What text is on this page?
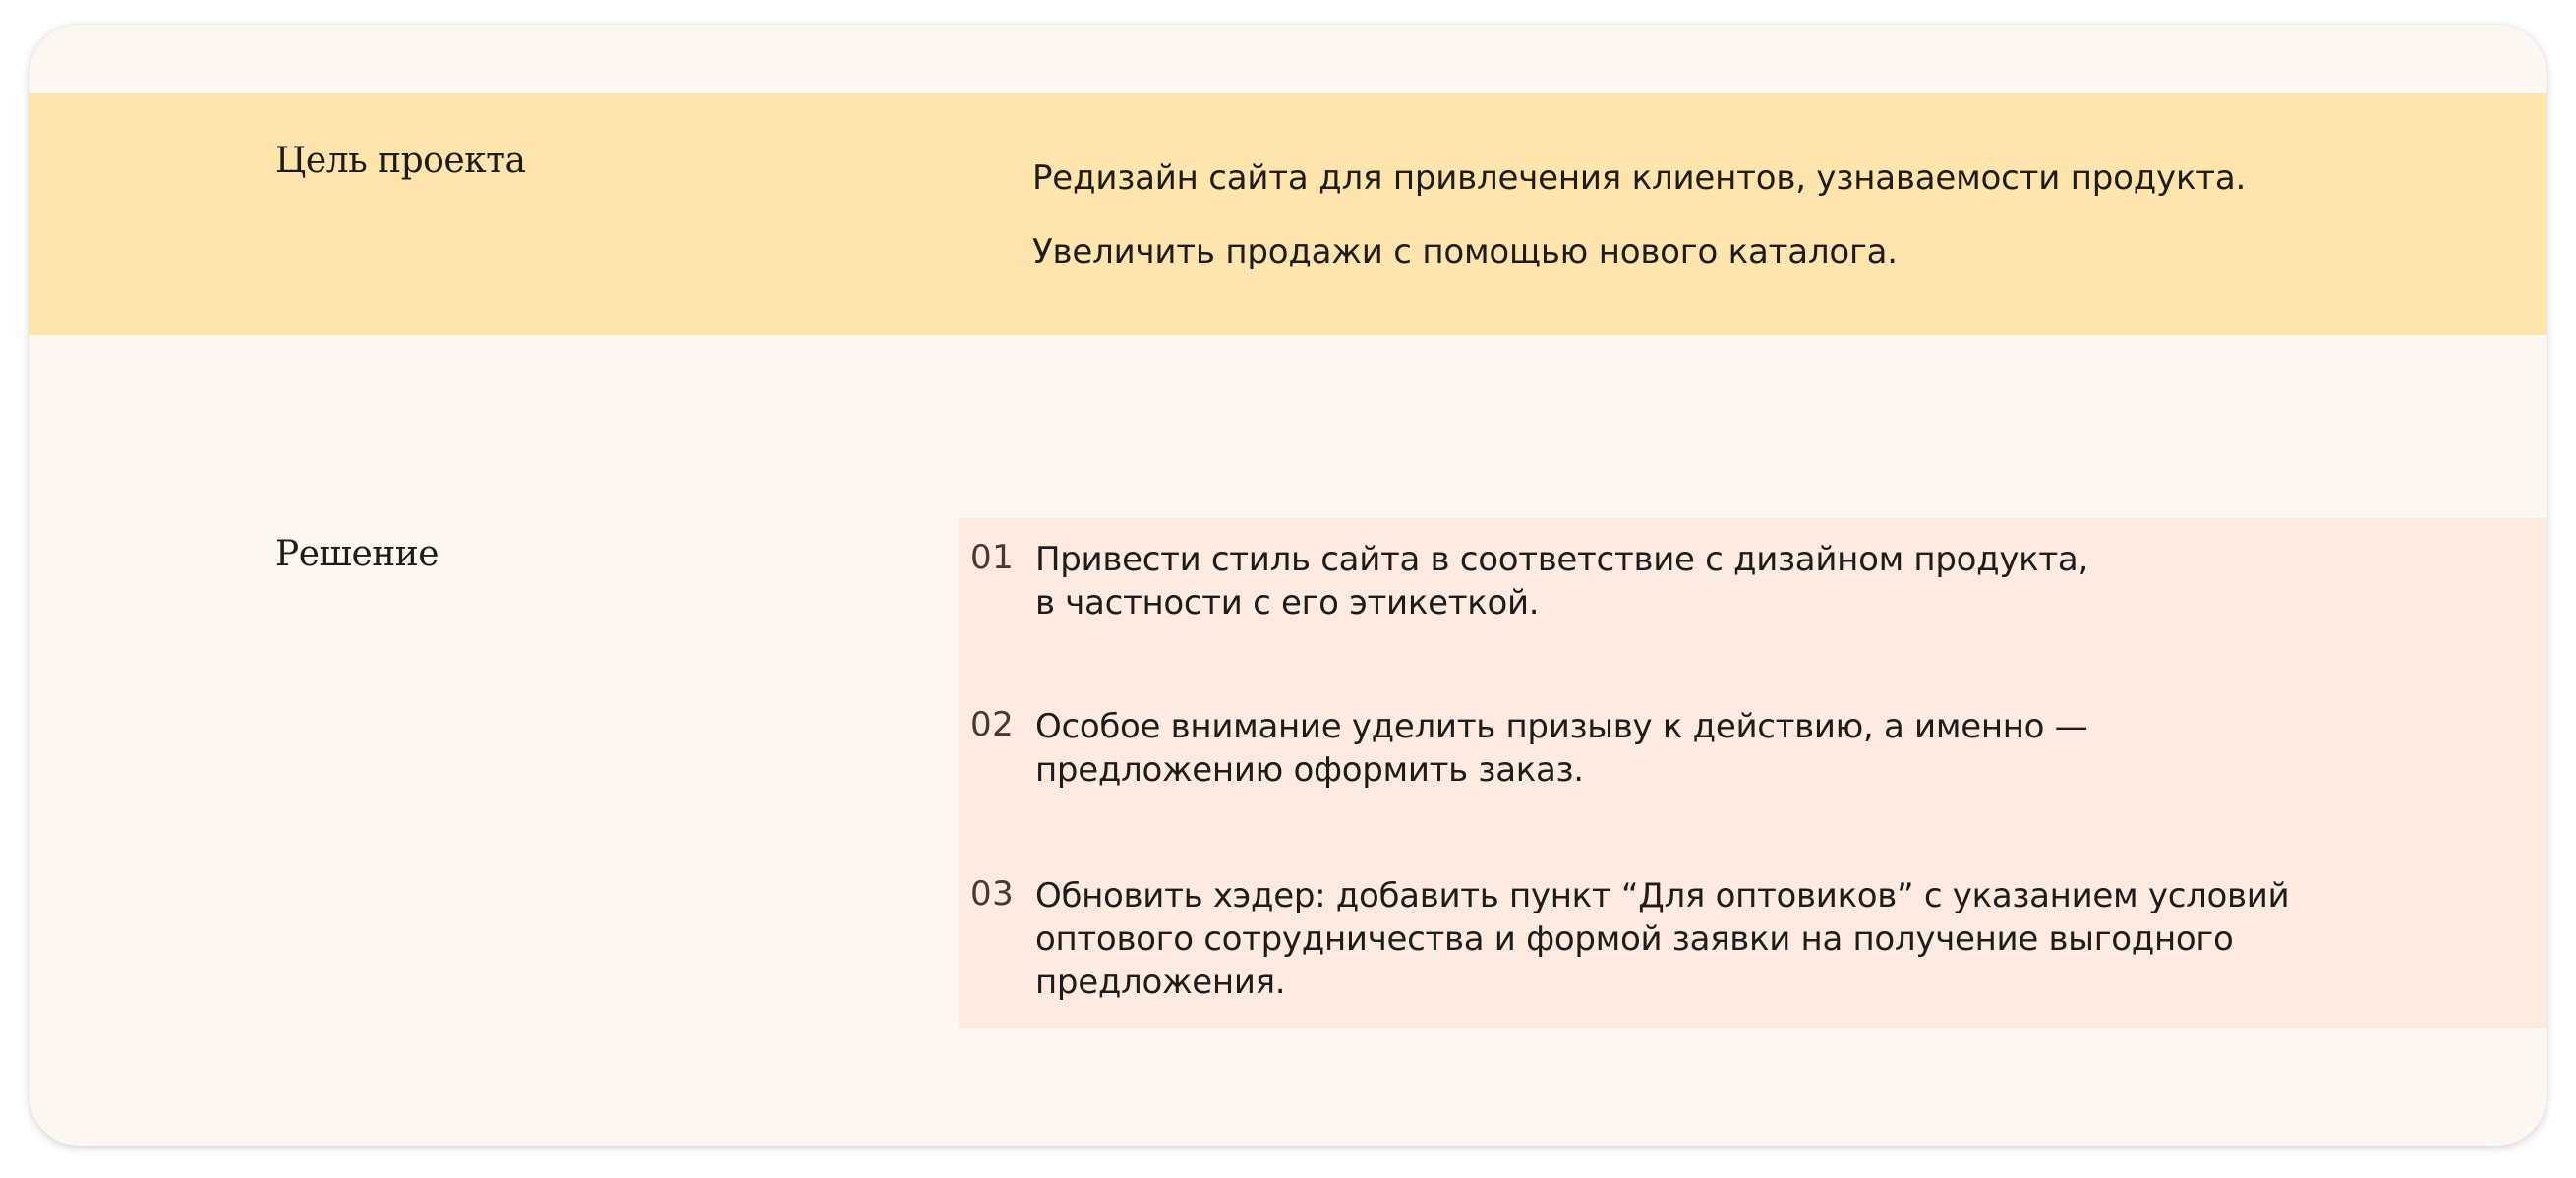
Цель проекта	Редизайн сайта для привлечения клиентов, узнаваемости продукта.

Увеличить продажи с помощью нового каталога.

Решение	01 Привести стиль сайта в соответствие с дизайном продукта,
в частности с его этикеткой.
02 Особое внимание уделить призыву к действию, а именно —
предложению оформить заказ.
03 Обновить хэдер: добавить пункт “Для оптовиков” с указанием условий
оптового сотрудничества и формой заявки на получение выгодного
предложения.
